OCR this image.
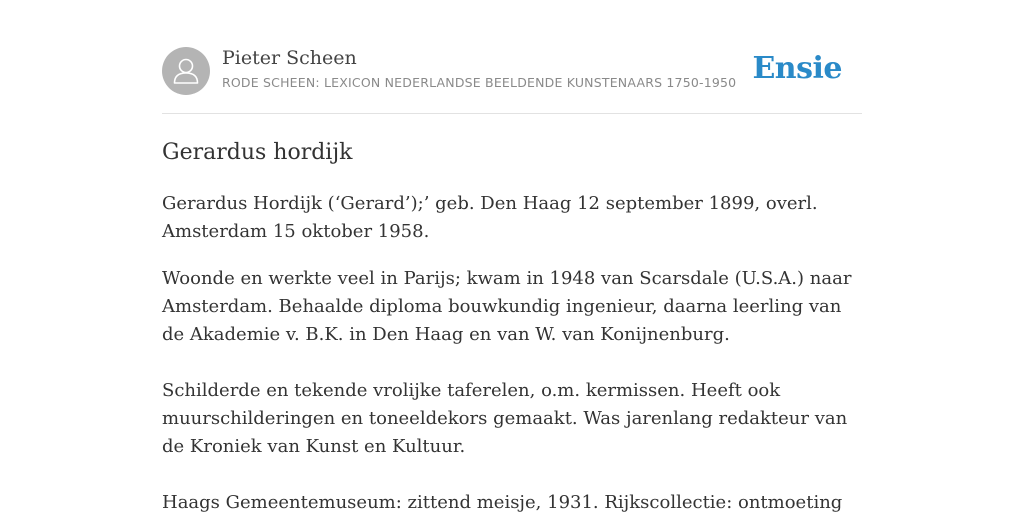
Pieter Scheen
RODE SCHEEN: LEXICON NEDERLANDSE BEELDENDE KUNSTENAARS 1750-1950 Ensie
Gerardus hordijk

Gerardus Hordijk (‘Gerard’);’ geb. Den Haag 12 september 1899, overl. Amsterdam 15 oktober 1958.

Woonde en werkte veel in Parijs; kwam in 1948 van Scarsdale (U.S.A.) naar Amsterdam. Behaalde diploma bouwkundig ingenieur, daarna leerling van de Akademie v. B.K. in Den Haag en van W. van Konijnenburg.

Schilderde en tekende vrolijke taferelen, o.m. kermissen. Heeft ook muurschilderingen en toneeldekors gemaakt. Was jarenlang redakteur van de Kroniek van Kunst en Kultuur.

Haags Gemeentemuseum: zittend meisje, 1931. Rijkscollectie: ontmoeting
